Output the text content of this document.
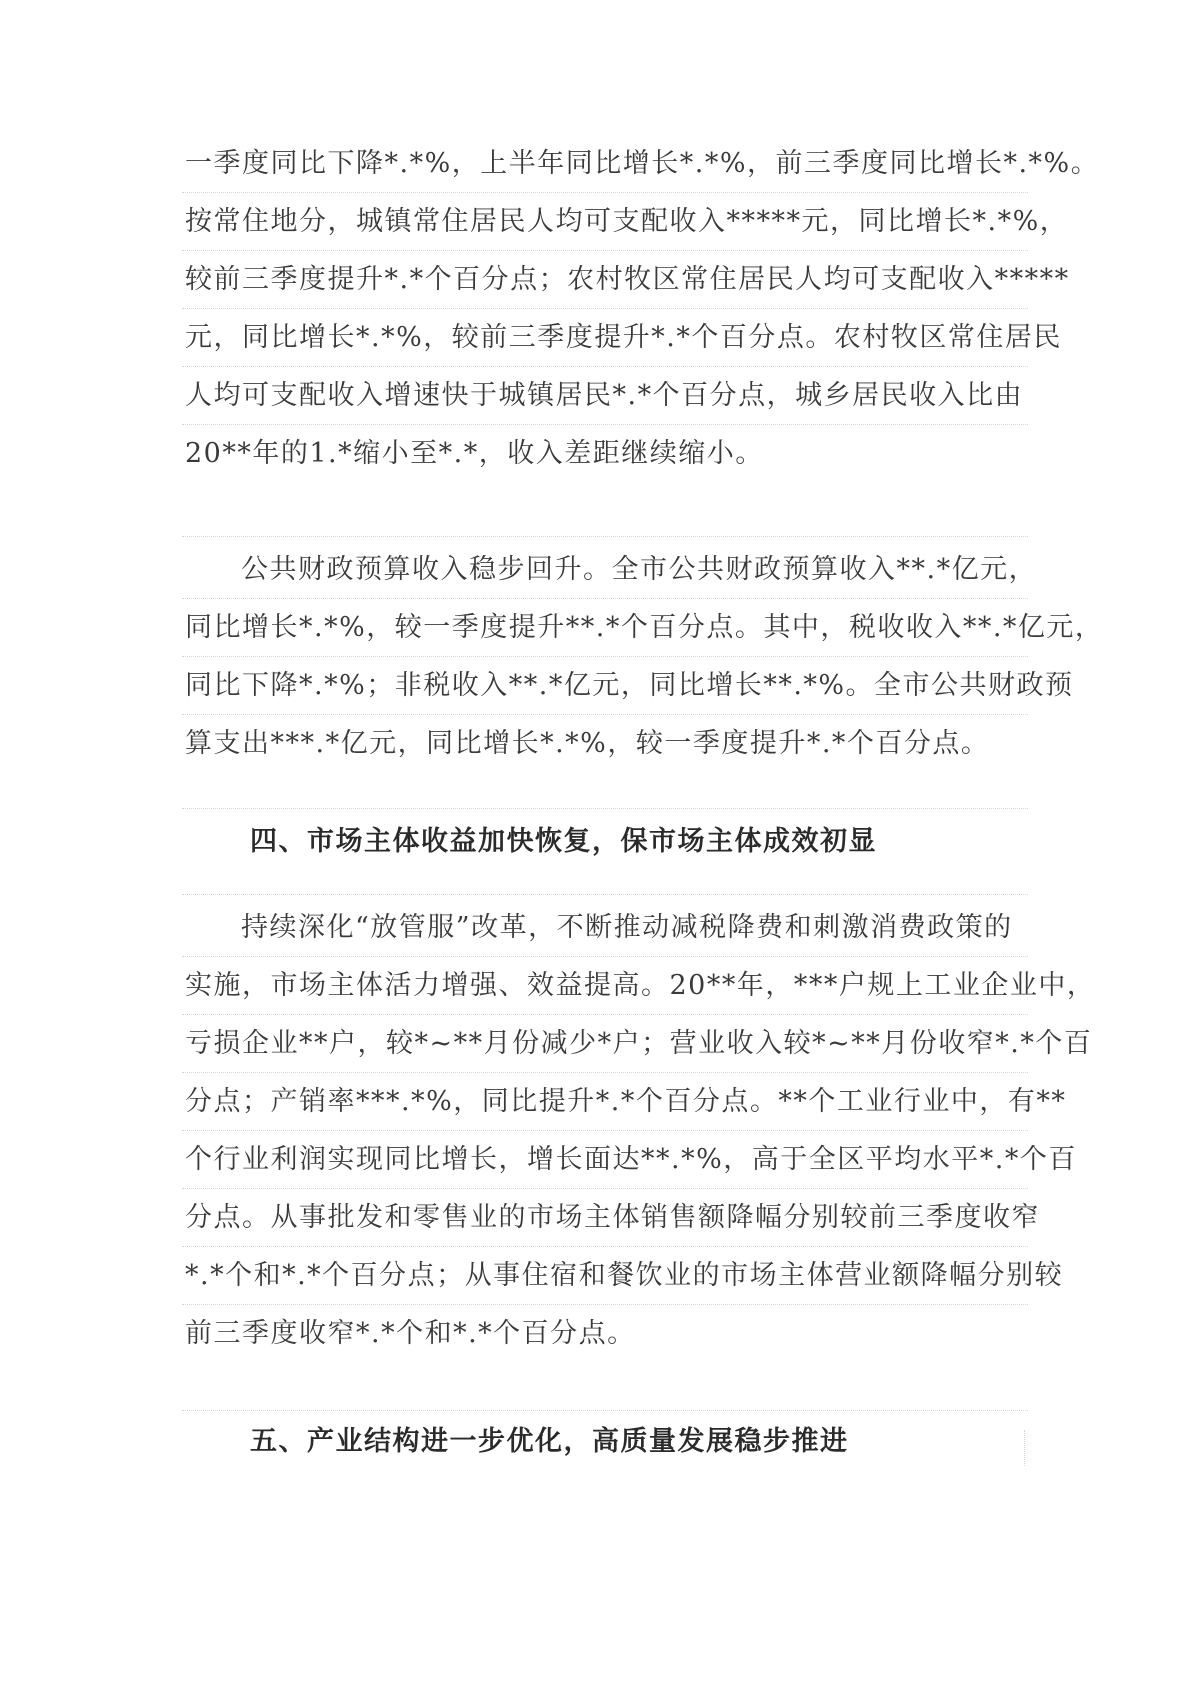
一季度同比下降*.*%，上半年同比增长*.*%，前三季度同比增长*.*%。
按常住地分，城镇常住居民人均可支配收入*****元，同比增长*.*%，
较前三季度提升*.*个百分点；农村牧区常住居民人均可支配收入*****
元，同比增长*.*%，较前三季度提升*.*个百分点。农村牧区常住居民
人均可支配收入增速快于城镇居民*.*个百分点，城乡居民收入比由
20**年的1.*缩小至*.*，收入差距继续缩小。
公共财政预算收入稳步回升。全市公共财政预算收入**.*亿元，
同比增长*.*%，较一季度提升**.*个百分点。其中，税收收入**.*亿元，
同比下降*.*%；非税收入**.*亿元，同比增长**.*%。全市公共财政预
算支出***.*亿元，同比增长*.*%，较一季度提升*.*个百分点。
四、市场主体收益加快恢复，保市场主体成效初显
持续深化“放管服”改革，不断推动减税降费和刺激消费政策的
实施，市场主体活力增强、效益提高。20**年，***户规上工业企业中，
亏损企业**户，较*~**月份减少*户；营业收入较*~**月份收窄*.*个百
分点；产销率***.*%，同比提升*.*个百分点。**个工业行业中，有**
个行业利润实现同比增长，增长面达**.*%，高于全区平均水平*.*个百
分点。从事批发和零售业的市场主体销售额降幅分别较前三季度收窄
*.*个和*.*个百分点；从事住宿和餐饮业的市场主体营业额降幅分别较
前三季度收窄*.*个和*.*个百分点。
五、产业结构进一步优化，高质量发展稳步推进
